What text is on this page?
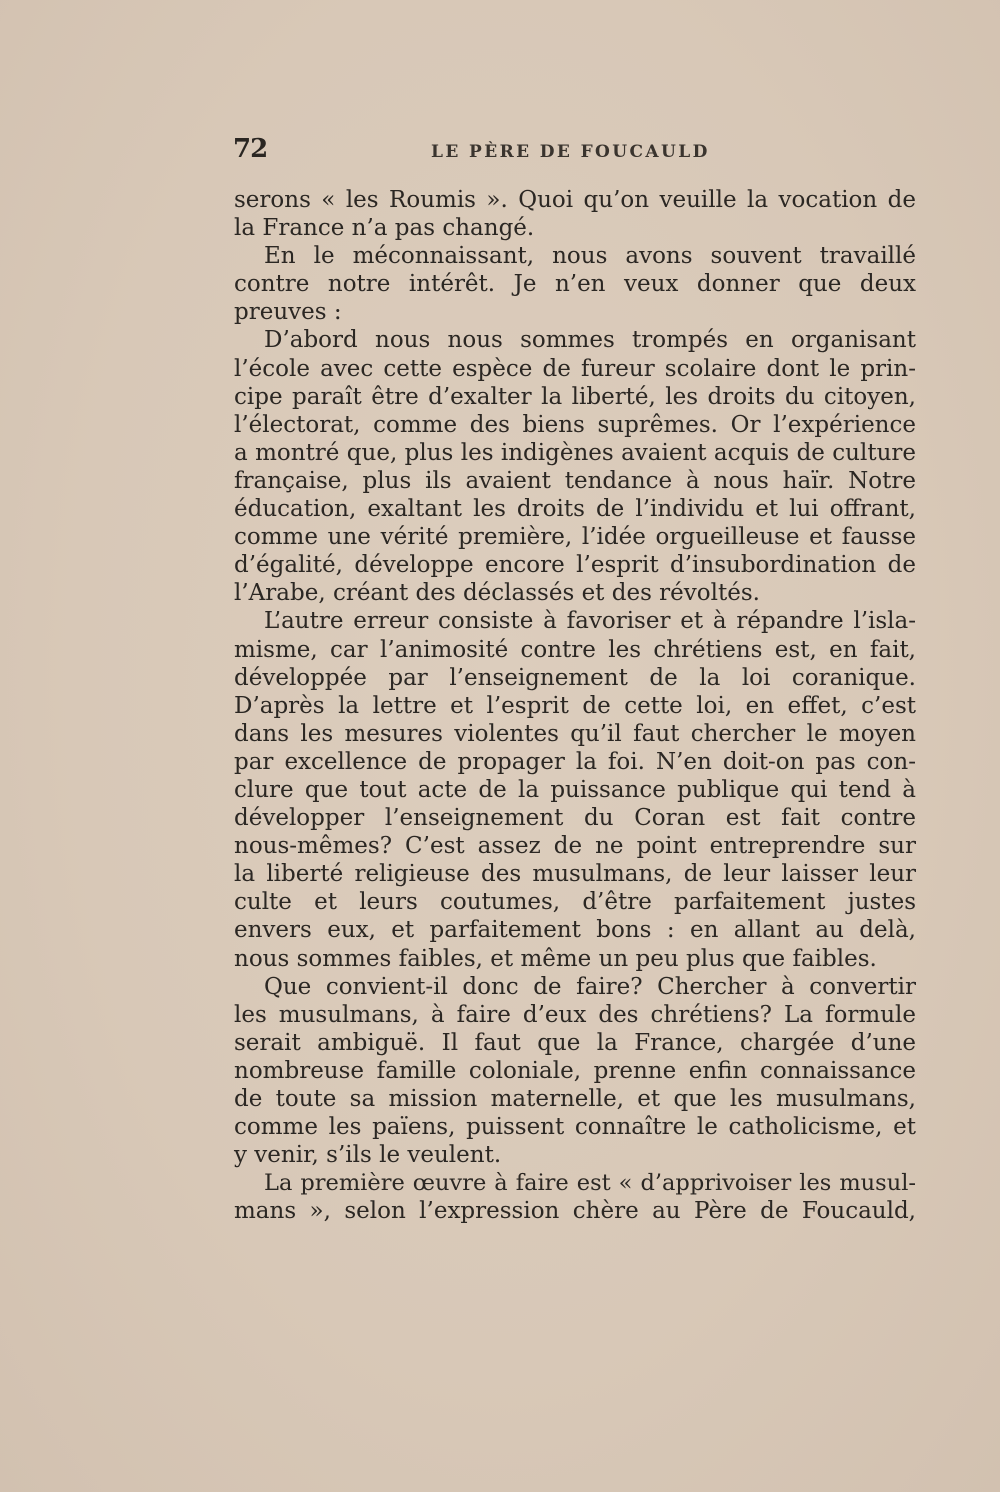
72	LE PÈRE DE FOUCAULD
serons « les Roumis ». Quoi qu’on veuille la vocation de
la France n’a pas changé.
En le méconnaissant, nous avons souvent travaillé
contre notre intérêt. Je n’en veux donner que deux
preuves :
D’abord nous nous sommes trompés en organisant
l’école avec cette espèce de fureur scolaire dont le prin-
cipe paraît être d’exalter la liberté, les droits du citoyen,
l’électorat, comme des biens suprêmes. Or l’expérience
a montré que, plus les indigènes avaient acquis de culture
française, plus ils avaient tendance à nous haïr. Notre
éducation, exaltant les droits de l’individu et lui offrant,
comme une vérité première, l’idée orgueilleuse et fausse
d’égalité, développe encore l’esprit d’insubordination de
l’Arabe, créant des déclassés et des révoltés.
L’autre erreur consiste à favoriser et à répandre l’isla-
misme, car l’animosité contre les chrétiens est, en fait,
développée par l’enseignement de la loi coranique.
D’après la lettre et l’esprit de cette loi, en effet, c’est
dans les mesures violentes qu’il faut chercher le moyen
par excellence de propager la foi. N’en doit-on pas con-
clure que tout acte de la puissance publique qui tend à
développer l’enseignement du Coran est fait contre
nous-mêmes? C’est assez de ne point entreprendre sur
la liberté religieuse des musulmans, de leur laisser leur
culte et leurs coutumes, d’être parfaitement justes
envers eux, et parfaitement bons : en allant au delà,
nous sommes faibles, et même un peu plus que faibles.
Que convient-il donc de faire? Chercher à convertir
les musulmans, à faire d’eux des chrétiens? La formule
serait ambiguë. Il faut que la France, chargée d’une
nombreuse famille coloniale, prenne enfin connaissance
de toute sa mission maternelle, et que les musulmans,
comme les païens, puissent connaître le catholicisme, et
y venir, s’ils le veulent.
La première œuvre à faire est « d’apprivoiser les musul-
mans », selon l’expression chère au Père de Foucauld,
